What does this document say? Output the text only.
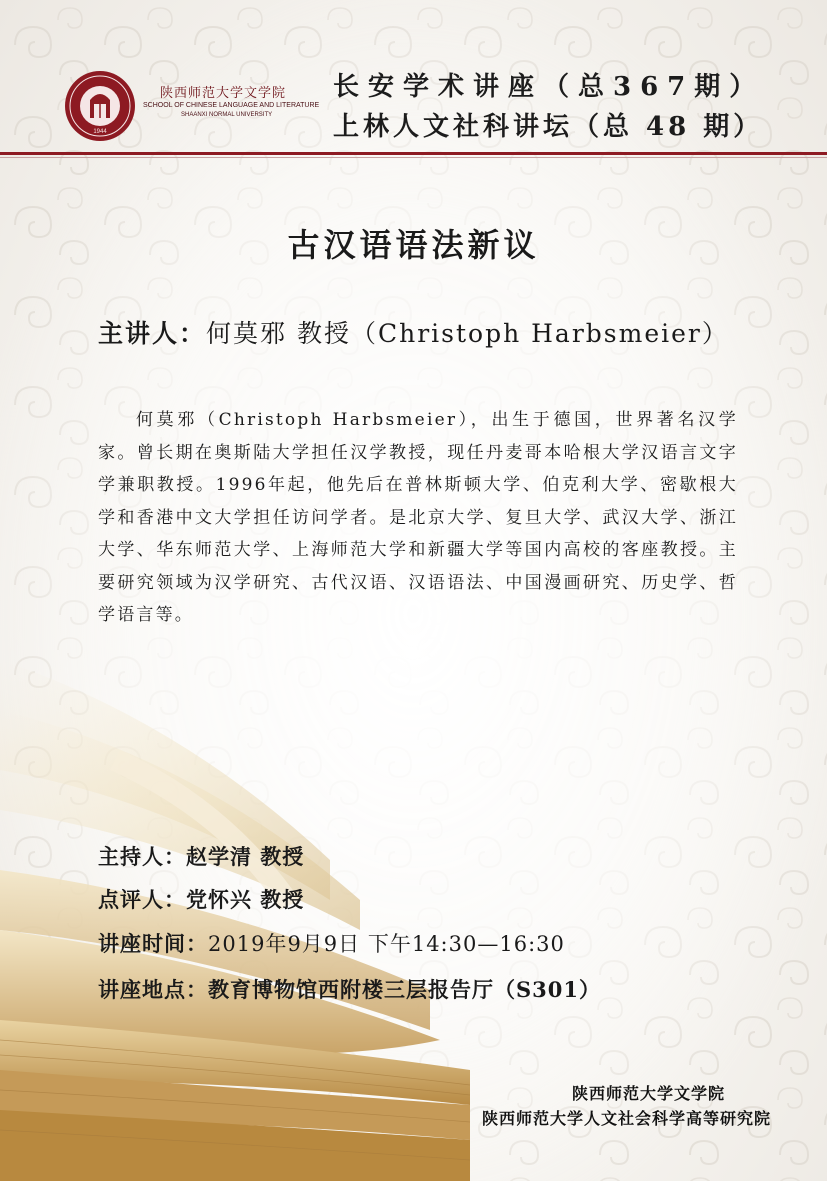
1944
陕西师范大学文学院
SCHOOL OF CHINESE LANGUAGE AND LITERATURE
SHAANXI NORMAL UNIVERSITY
长安学术讲座（总367期）
上林人文社科讲坛（总 48 期）
古汉语语法新议
主讲人：何莫邪 教授（Christoph Harbsmeier）
何莫邪（Christoph Harbsmeier），出生于德国，世界著名汉学家。曾长期在奥斯陆大学担任汉学教授，现任丹麦哥本哈根大学汉语言文字学兼职教授。1996年起，他先后在普林斯顿大学、伯克利大学、密歇根大学和香港中文大学担任访问学者。是北京大学、复旦大学、武汉大学、浙江大学、华东师范大学、上海师范大学和新疆大学等国内高校的客座教授。主要研究领域为汉学研究、古代汉语、汉语语法、中国漫画研究、历史学、哲学语言等。
主持人：赵学清 教授
点评人：党怀兴 教授
讲座时间：2019年9月9日 下午14:30—16:30
讲座地点：教育博物馆西附楼三层报告厅（S301）
陕西师范大学文学院
陕西师范大学人文社会科学高等研究院
